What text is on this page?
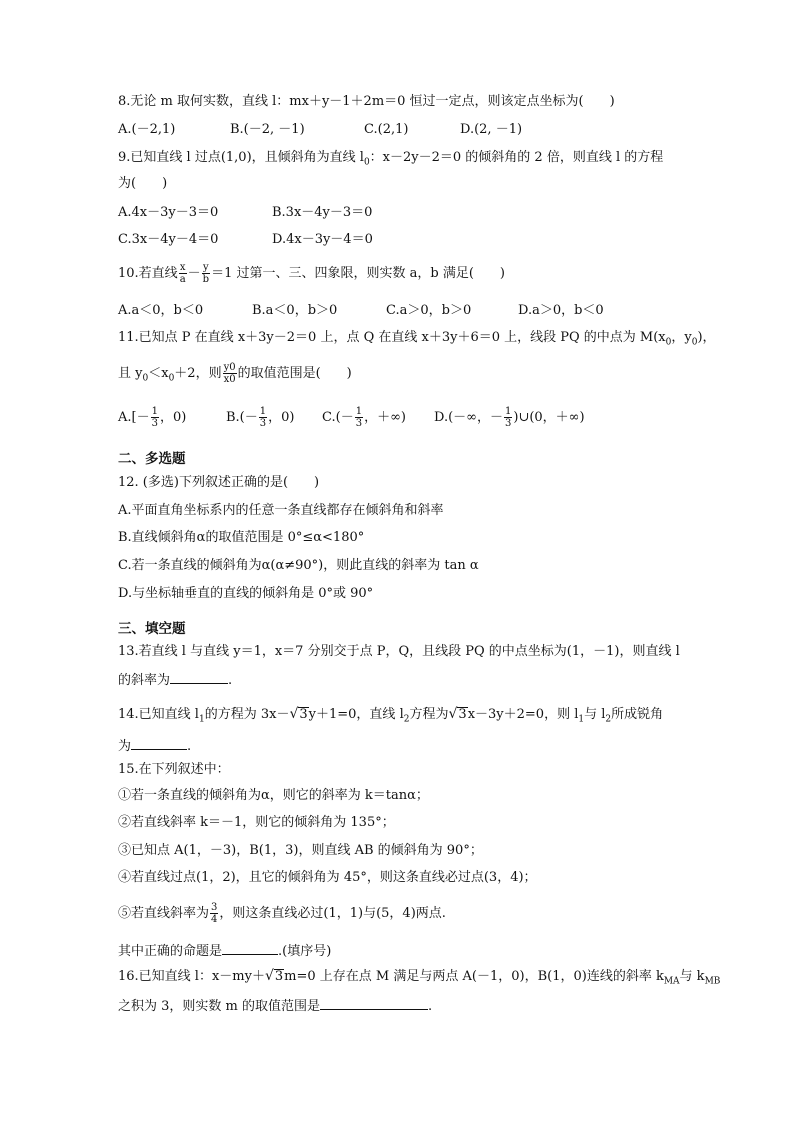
8.无论 m 取何实数，直线 l：mx＋y－1＋2m＝0 恒过一定点，则该定点坐标为(　　)
A.(－2,1)	B.(－2, －1)	C.(2,1)	D.(2, －1)
9.已知直线 l 过点(1,0)，且倾斜角为直线 $l_0$：x－2y－2＝0 的倾斜角的 2 倍，则直线 l 的方程
为(　　)
A.4x－3y－3＝0	B.3x－4y－3＝0
C.3x－4y－4＝0	D.4x－3y－4＝0
10.若直线 $\frac{x}{a} - \frac{y}{b} =1$ 过第一、三、四象限，则实数 a，b 满足(　　)
A.a＜0，b＜0	B.a＜0，b＞0	C.a＞0，b＞0	D.a＞0，b＜0
11.已知点 P 在直线 x＋3y－2＝0 上，点 Q 在直线 x＋3y＋6＝0 上，线段 PQ 的中点为 $M(x_0$，$y_0$)，
且 $y_0<x_0+2$，则 $\frac{y0}{x0}$ 的取值范围是(　　)
$A.[- \frac{1}{3}$ ，0)	$B.(- \frac{1}{3}$ ，0) $C.(- \frac{1}{3}$ ，＋∞) D.(－∞，－ $\frac{1}{3}$ )∪(0，＋∞)
二、多选题
12. (多选)下列叙述正确的是(　　)
A.平面直角坐标系内的任意一条直线都存在倾斜角和斜率
B.直线倾斜角α的取值范围是 0°≤α<180°
C.若一条直线的倾斜角为α(α≠90°)，则此直线的斜率为 tan α
D.与坐标轴垂直的直线的倾斜角是 0°或 90°
三、填空题
13.若直线 l 与直线 y＝1，x＝7 分别交于点 P，Q，且线段 PQ 的中点坐标为(1，－1)，则直线 l
的斜率为	.
14.已知直线 $l_1$的方程为 3x－√3y＋1=0，直线 $l_2$方程为√3x－3y＋2=0，则 $l_1$与 $l_2$所成锐角
为	.
15.在下列叙述中：
①若一条直线的倾斜角为α，则它的斜率为 k＝tanα；
②若直线斜率 k＝－1，则它的倾斜角为 135°；
③已知点 A(1，－3)，B(1，3)，则直线 AB 的倾斜角为 90°；
④若直线过点(1，2)，且它的倾斜角为 45°，则这条直线必过点(3，4)；
⑤若直线斜率为 $\frac{3}{4}$ ，则这条直线必过(1，1)与(5，4)两点.
其中正确的命题是	.(填序号)
16.已知直线 l：x－my＋√3m=0 上存在点 M 满足与两点 A(－1，0)，B(1，0)连线的斜率 $k_{MA}$与 $k_{MB}$
之积为 3，则实数 m 的取值范围是	.
